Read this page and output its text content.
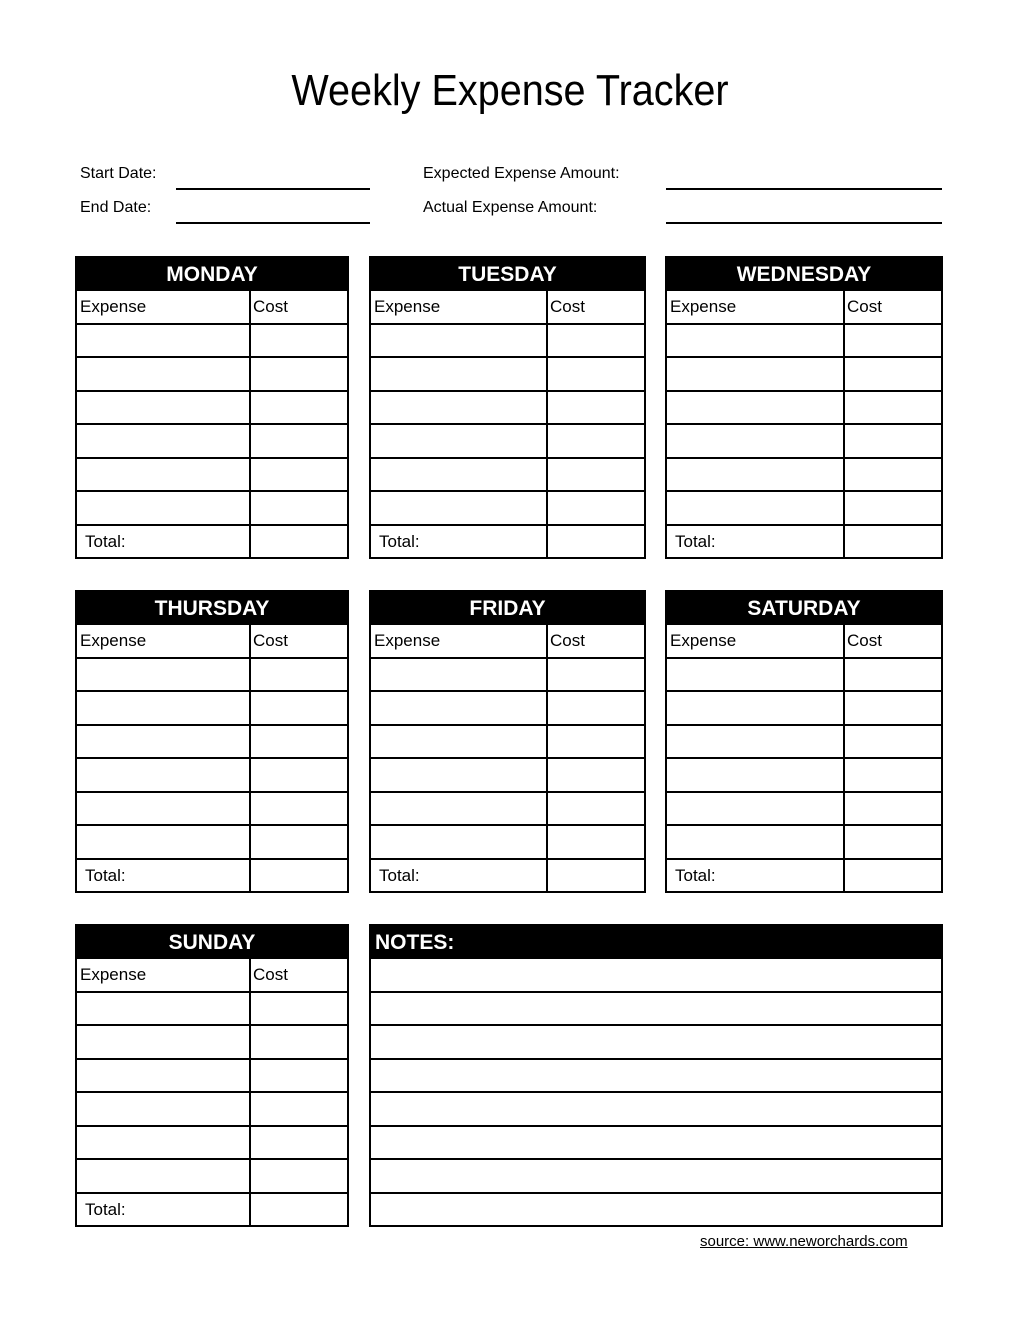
Weekly Expense Tracker
Start Date:
End Date:
Expected Expense Amount:
Actual Expense Amount:
MONDAY
Expense	Cost
Total:
TUESDAY
Expense	Cost
Total:
WEDNESDAY
Expense	Cost
Total:
THURSDAY
Expense	Cost
Total:
FRIDAY
Expense	Cost
Total:
SATURDAY
Expense	Cost
Total:
SUNDAY
Expense	Cost
Total:
NOTES:
source: www.neworchards.com
